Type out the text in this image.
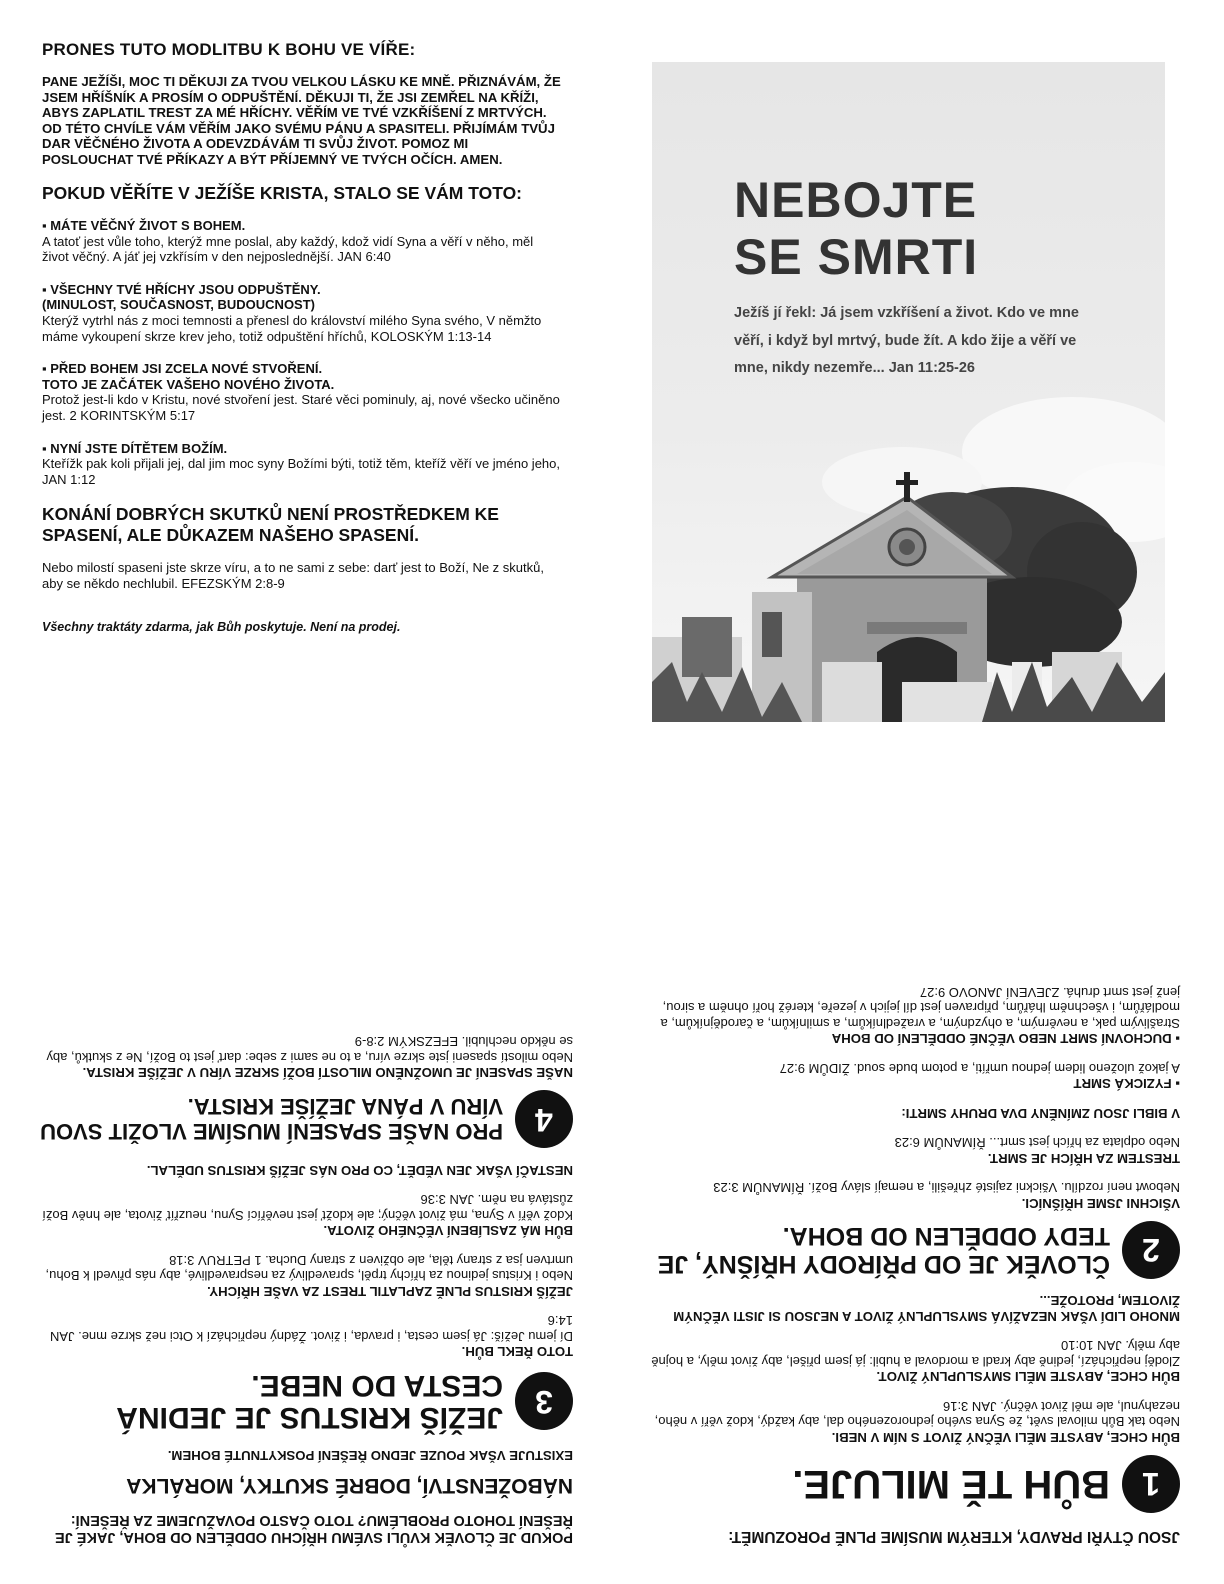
PRONES TUTO MODLITBU K BOHU VE VÍŘE:

PANE JEŽÍŠI, MOC TI DĚKUJI ZA TVOU VELKOU LÁSKU KE MNĚ. PŘIZNÁVÁM, ŽE JSEM HŘÍŠNÍK A PROSÍM O ODPUŠTĚNÍ. DĚKUJI TI, ŽE JSI ZEMŘEL NA KŘÍŽI, ABYS ZAPLATIL TREST ZA MÉ HŘÍCHY. VĚŘÍM VE TVÉ VZKŘÍŠENÍ Z MRTVÝCH. OD TÉTO CHVÍLE VÁM VĚŘÍM JAKO SVÉMU PÁNU A SPASITELI. PŘIJÍMÁM TVŮJ DAR VĚČNÉHO ŽIVOTA A ODEVZDÁVÁM TI SVŮJ ŽIVOT. POMOZ MI POSLOUCHAT TVÉ PŘÍKAZY A BÝT PŘÍJEMNÝ VE TVÝCH OČÍCH. AMEN.

POKUD VĚŘÍTE V JEŽÍŠE KRISTA, STALO SE VÁM TOTO:
▪ MÁTE VĚČNÝ ŽIVOT S BOHEM.
A tatoť jest vůle toho, kterýž mne poslal, aby každý, kdož vidí Syna a věří v něho, měl život věčný. A jáť jej vzkřísím v den nejposlednější. JAN 6:40
▪ VŠECHNY TVÉ HŘÍCHY JSOU ODPUŠTĚNY.
(MINULOST, SOUČASNOST, BUDOUCNOST)
Kterýž vytrhl nás z moci temnosti a přenesl do království milého Syna svého, V němžto máme vykoupení skrze krev jeho, totiž odpuštění hříchů, KOLOSKÝM 1:13-14
▪ PŘED BOHEM JSI ZCELA NOVÉ STVOŘENÍ.
TOTO JE ZAČÁTEK VAŠEHO NOVÉHO ŽIVOTA.
Protož jest-li kdo v Kristu, nové stvoření jest. Staré věci pominuly, aj, nové všecko učiněno jest. 2 KORINTSKÝM 5:17
▪ NYNÍ JSTE DÍTĚTEM BOŽÍM.
Kteřížk pak koli přijali jej, dal jim moc syny Božími býti, totiž těm, kteříž věří ve jméno jeho, JAN 1:12
KONÁNÍ DOBRÝCH SKUTKŮ NENÍ PROSTŘEDKEM KE SPASENÍ, ALE DŮKAZEM NAŠEHO SPASENÍ.
Nebo milostí spaseni jste skrze víru, a to ne sami z sebe: darť jest to Boží, Ne z skutků, aby se někdo nechlubil. EFEZSKÝM 2:8-9
Všechny traktáty zdarma, jak Bůh poskytuje. Není na prodej.
NEBOJTE
SE SMRTI
Ježíš jí řekl: Já jsem vzkříšení a život. Kdo ve mne věří, i když byl mrtvý, bude žít. A kdo žije a věří ve mne, nikdy nezemře... Jan 11:25-26
JSOU ČTYŘI PRAVDY, KTERÝM MUSÍME PLNĚ POROZUMĚT:
1
BŮH TĚ MILUJE.
BŮH CHCE, ABYSTE MĚLI VĚČNÝ ŽIVOT S NÍM V NEBI.
Nebo tak Bůh miloval svět, že Syna svého jednorozeného dal, aby každý, kdož věří v něho, nezahynul, ale měl život věčný. JAN 3:16
BŮH CHCE, ABYSTE MĚLI SMYSLUPLNÝ ŽIVOT.
Zloděj nepřichází, jedině aby kradl a mordoval a hubil: já jsem přišel, aby život měly, a hojně aby měly. JAN 10:10
MNOHO LIDÍ VŠAK NEZAŽÍVÁ SMYSLUPLNÝ ŽIVOT A NEJSOU SI JISTI VĚČNÝM ŽIVOTEM, PROTOŽE...
2
ČLOVĚK JE OD PŘÍRODY HŘÍŠNÝ, JE TEDY ODDĚLEN OD BOHA.
VŠICHNI JSME HŘÍŠNÍCI.
Nebowt není rozdílu. Všickni zajisté zhřešili, a nemají slávy Boží. ŘÍMANŮM 3:23
TRESTEM ZA HŘÍCH JE SMRT.
Nebo odplata za hřích jest smrt... ŘÍMANŮM 6:23
V BIBLI JSOU ZMÍNĚNY DVA DRUHY SMRTI:
▪ FYZICKÁ SMRT
A jakož uloženo lidem jednou umříti, a potom bude soud. ŽIDŮM 9:27
▪ DUCHOVNÍ SMRT NEBO VĚČNÉ ODDĚLENÍ OD BOHA
Strašlivým pak, a nevěrným, a ohyzdným, a vražedlníkům, a smilníkům, a čarodějníkům, a modlářům, i všechněm lhářům, připraven jest díl jejich v jezeře, kteréž hoří ohněm a sirou, jenž jest smrt druhá. ZJEVENÍ JANOVO 9:27
POKUD JE ČLOVĚK KVŮLI SVÉMU HŘÍCHU ODDĚLEN OD BOHA, JAKÉ JE ŘEŠENÍ TOHOTO PROBLÉMU? TOTO ČASTO POVAŽUJEME ZA ŘEŠENÍ:
NÁBOŽENSTVÍ, DOBRÉ SKUTKY, MORÁLKA
EXISTUJE VŠAK POUZE JEDNO ŘEŠENÍ POSKYTNUTÉ BOHEM.
3
JEŽÍŠ KRISTUS JE JEDINÁ CESTA DO NEBE.
TOTO ŘEKL BŮH.
Dí jemu Ježíš: Já jsem cesta, i pravda, i život. Žádný nepřichází k Otci než skrze mne. JAN 14:6
JEŽÍŠ KRISTUS PLNĚ ZAPLATIL TREST ZA VAŠE HŘÍCHY.
Nebo i Kristus jedinou za hříchy trpěl, spravedlivý za nespravedlivé, aby nás přivedl k Bohu, umrtven jsa z strany těla, ale obživen z strany Ducha. 1 PETRUV 3:18
BŮH MÁ ZASLÍBENÍ VĚČNÉHO ŽIVOTA.
Kdož věří v Syna, má život věčný; ale kdožť jest nevěřící Synu, neuzříť života, ale hněv Boží zůstává na něm. JAN 3:36
NESTAČÍ VŠAK JEN VĚDĚT, CO PRO NÁS JEŽÍŠ KRISTUS UDĚLAL.
4
PRO NAŠE SPASENÍ MUSÍME VLOŽIT SVOU VÍRU V PÁNA JEŽÍŠE KRISTA.
NAŠE SPASENÍ JE UMOŽNĚNO MILOSTÍ BOŽÍ SKRZE VÍRU V JEŽÍŠE KRISTA.
Nebo milostí spaseni jste skrze víru, a to ne sami z sebe: darť jest to Boží, Ne z skutků, aby se někdo nechlubil. EFEZSKÝM 2:8-9
